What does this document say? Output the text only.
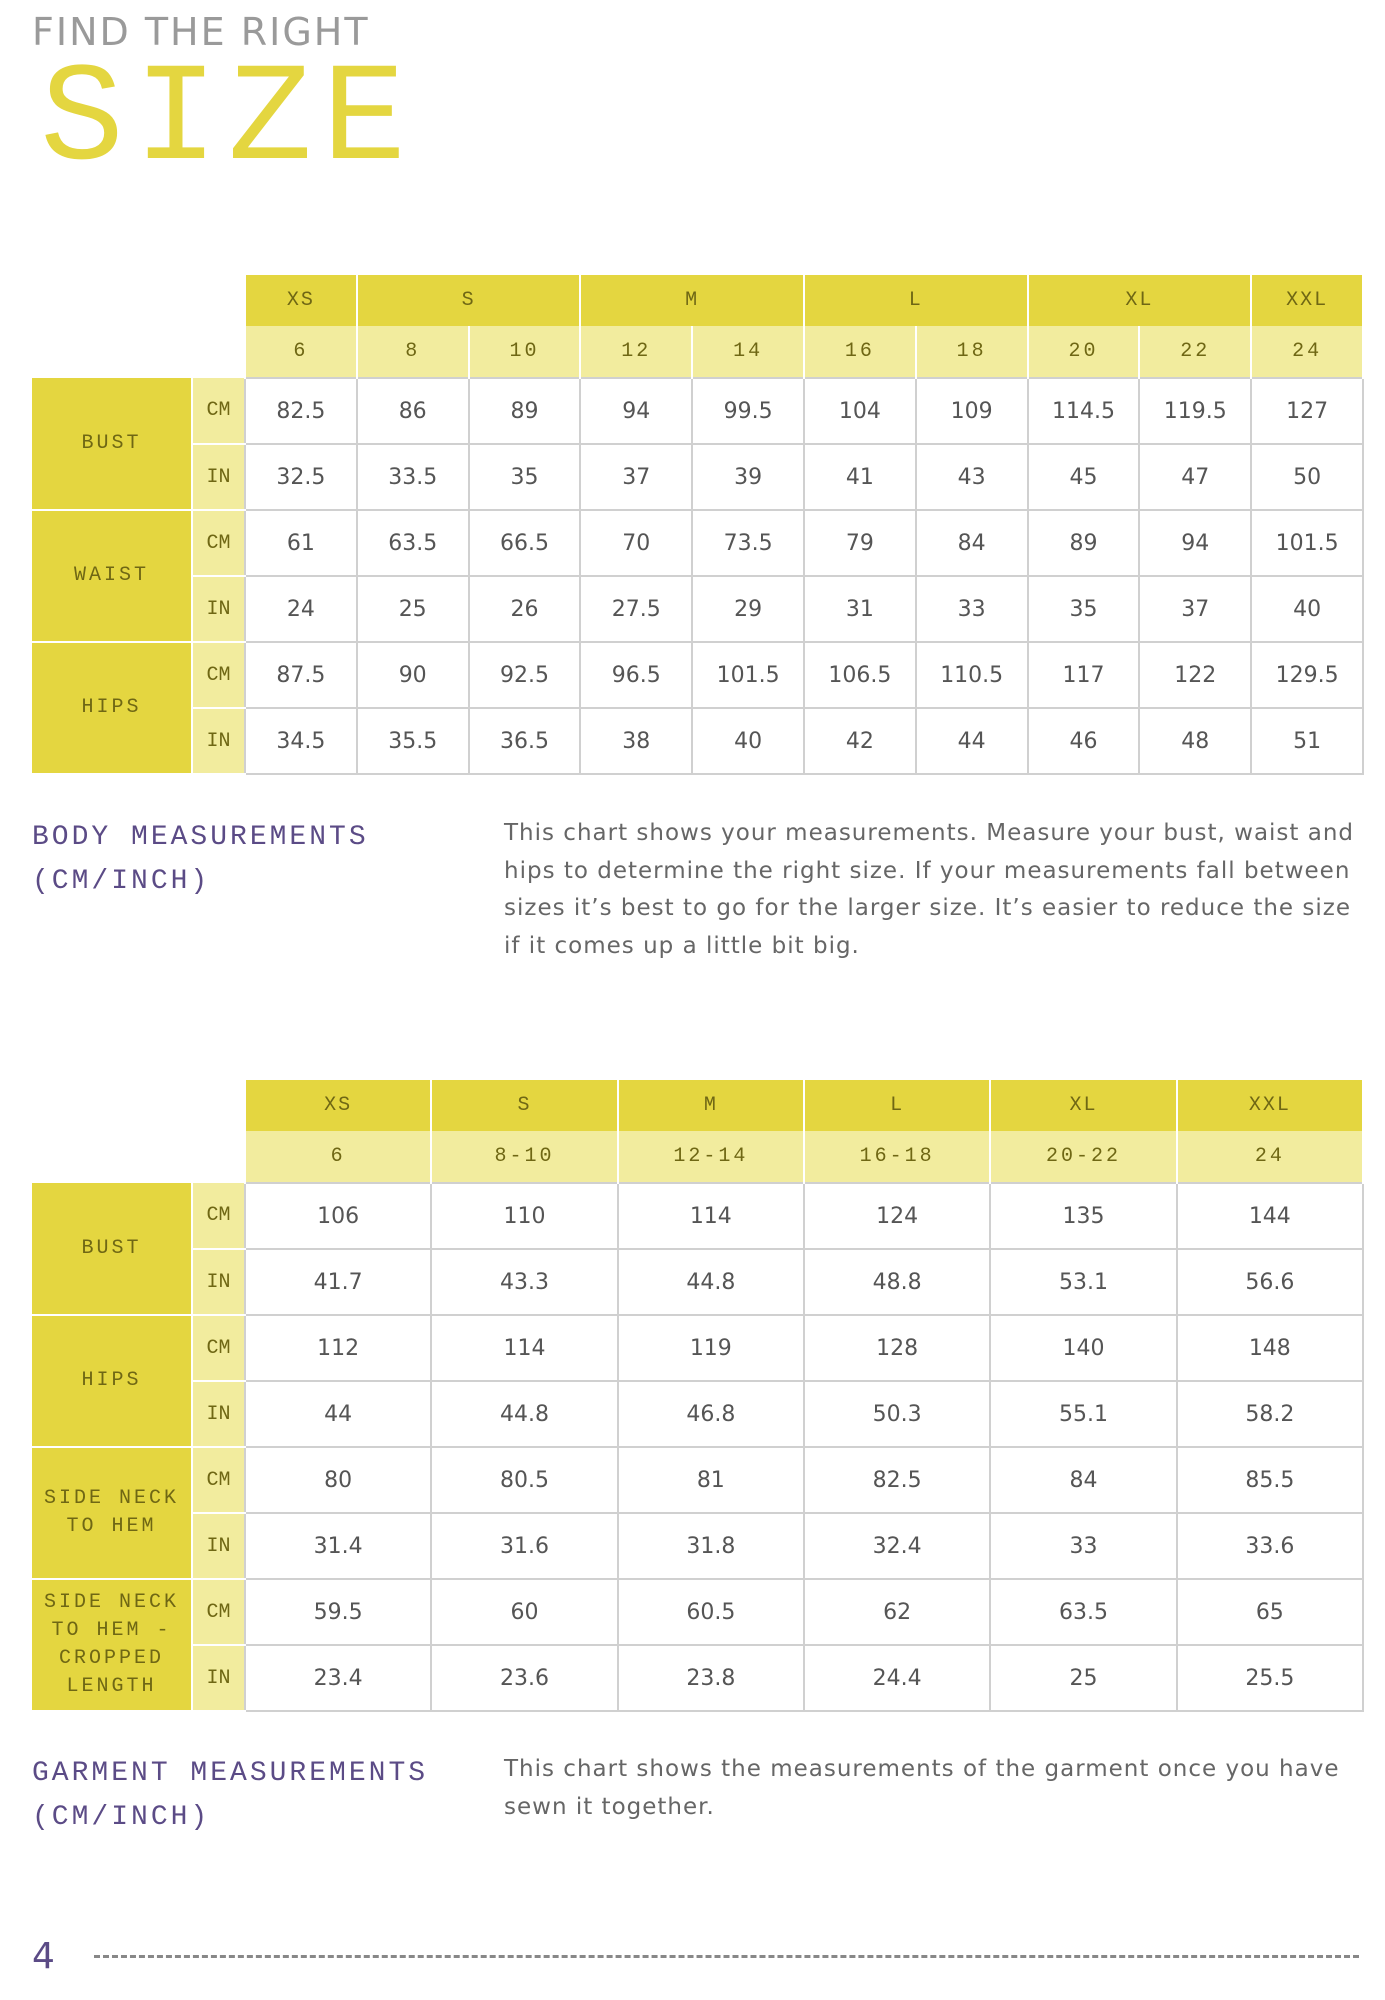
FIND THE RIGHT
SIZE
		XS	S		M		L		XL		XXL
		6	8	10	12	14	16	18	20	22	24
BUST	CM	82.5	86	89	94	99.5	104	109	114.5	119.5	127
	IN	32.5	33.5	35	37	39	41	43	45	47	50
WAIST	CM	61	63.5	66.5	70	73.5	79	84	89	94	101.5
	IN	24	25	26	27.5	29	31	33	35	37	40
HIPS	CM	87.5	90	92.5	96.5	101.5	106.5	110.5	117	122	129.5
	IN	34.5	35.5	36.5	38	40	42	44	46	48	51
BODY MEASUREMENTS
(CM/INCH)
This chart shows your measurements. Measure your bust, waist and hips to determine the right size. If your measurements fall between sizes it’s best to go for the larger size. It’s easier to reduce the size if it comes up a little bit big.
		XS	S	M	L	XL	XXL
		6	8-10	12-14	16-18	20-22	24
BUST	CM	106	110	114	124	135	144
	IN	41.7	43.3	44.8	48.8	53.1	56.6
HIPS	CM	112	114	119	128	140	148
	IN	44	44.8	46.8	50.3	55.1	58.2
SIDE NECK TO HEM	CM	80	80.5	81	82.5	84	85.5
	IN	31.4	31.6	31.8	32.4	33	33.6
SIDE NECK TO HEM - CROPPED LENGTH	CM	59.5	60	60.5	62	63.5	65
	IN	23.4	23.6	23.8	24.4	25	25.5
GARMENT MEASUREMENTS
(CM/INCH)
This chart shows the measurements of the garment once you have sewn it together.
4
